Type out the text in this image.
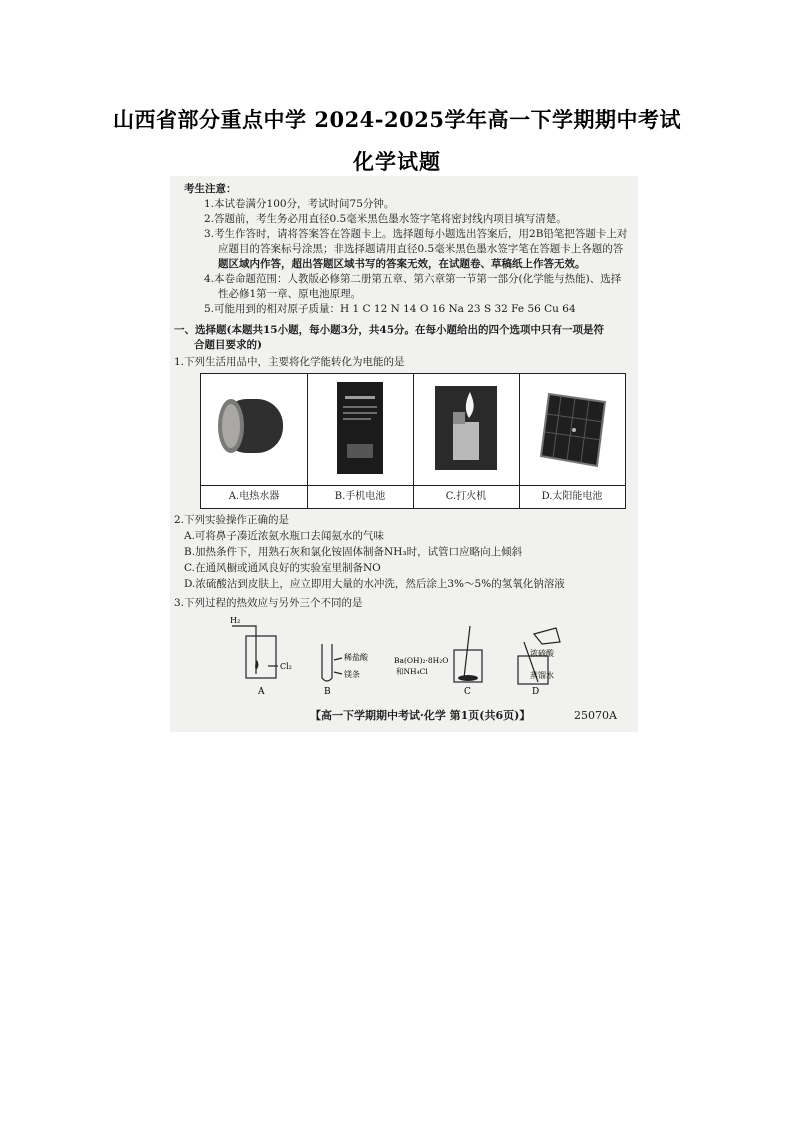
山西省部分重点中学 2024-2025学年高一下学期期中考试
化学试题
考生注意：
1.本试卷满分100分，考试时间75分钟。
2.答题前，考生务必用直径0.5毫米黑色墨水签字笔将密封线内项目填写清楚。
3.考生作答时，请将答案答在答题卡上。选择题每小题选出答案后，用2B铅笔把答题卡上对
应题目的答案标号涂黑；非选择题请用直径0.5毫米黑色墨水签字笔在答题卡上各题的答
题区域内作答，超出答题区域书写的答案无效，在试题卷、草稿纸上作答无效。
4.本卷命题范围：人教版必修第二册第五章、第六章第一节第一部分(化学能与热能)、选择
性必修1第一章、原电池原理。
5.可能用到的相对原子质量：H 1 C 12 N 14 O 16 Na 23 S 32 Fe 56 Cu 64
一、选择题(本题共15小题，每小题3分，共45分。在每小题给出的四个选项中只有一项是符
合题目要求的)
1.下列生活用品中，主要将化学能转化为电能的是
A.电热水器	B.手机电池	C.打火机	D.太阳能电池
2.下列实验操作正确的是
A.可将鼻子凑近浓氨水瓶口去闻氨水的气味
B.加热条件下，用熟石灰和氯化铵固体制备NH₃时，试管口应略向上倾斜
C.在通风橱或通风良好的实验室里制备NO
D.浓硫酸沾到皮肤上，应立即用大量的水冲洗，然后涂上3%～5%的氢氧化钠溶液
3.下列过程的热效应与另外三个不同的是
H₂
Cl₂
稀盐酸
镁条
Ba(OH)₂·8H₂O
和NH₄Cl
浓硫酸
蒸馏水
A	B	C	D
【高一下学期期中考试·化学 第1页(共6页)】	25070A
